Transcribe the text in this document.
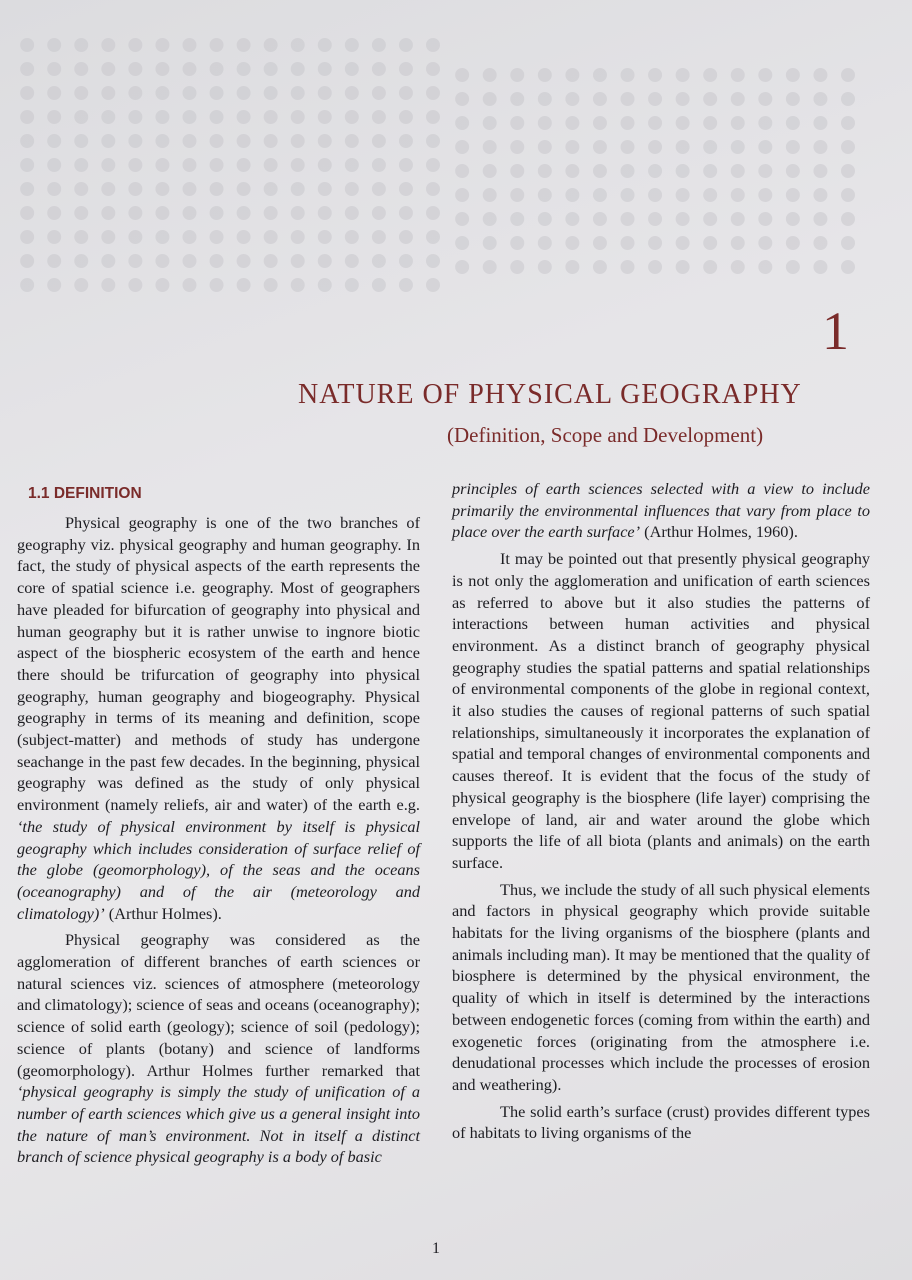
1
NATURE OF PHYSICAL GEOGRAPHY
(Definition, Scope and Development)
1.1 DEFINITION

Physical geography is one of the two branches of geography viz. physical geography and human geography. In fact, the study of physical aspects of the earth represents the core of spatial science i.e. geography. Most of geographers have pleaded for bifurcation of geography into physical and human geography but it is rather unwise to ingnore biotic aspect of the biospheric ecosystem of the earth and hence there should be trifurcation of geography into physical geography, human geography and biogeography. Physical geography in terms of its meaning and definition, scope (subject-matter) and methods of study has undergone seachange in the past few decades. In the beginning, physical geography was defined as the study of only physical environment (namely reliefs, air and water) of the earth e.g. ‘the study of physical environment by itself is physical geography which includes consideration of surface relief of the globe (geomorphology), of the seas and the oceans (oceanography) and of the air (meteorology and climatology)’ (Arthur Holmes).

Physical geography was considered as the agglomeration of different branches of earth sciences or natural sciences viz. sciences of atmosphere (meteorology and climatology); science of seas and oceans (oceanography); science of solid earth (geology); science of soil (pedology); science of plants (botany) and science of landforms (geomorphology). Arthur Holmes further remarked that ‘physical geography is simply the study of unification of a number of earth sciences which give us a general insight into the nature of man’s environment. Not in itself a distinct branch of science physical geography is a body of basic

principles of earth sciences selected with a view to include primarily the environmental influences that vary from place to place over the earth surface’ (Arthur Holmes, 1960).

It may be pointed out that presently physical geography is not only the agglomeration and unification of earth sciences as referred to above but it also studies the patterns of interactions between human activities and physical environment. As a distinct branch of geography physical geography studies the spatial patterns and spatial relationships of environmental components of the globe in regional context, it also studies the causes of regional patterns of such spatial relationships, simultaneously it incorporates the explanation of spatial and temporal changes of environmental components and causes thereof. It is evident that the focus of the study of physical geography is the biosphere (life layer) comprising the envelope of land, air and water around the globe which supports the life of all biota (plants and animals) on the earth surface.

Thus, we include the study of all such physical elements and factors in physical geography which provide suitable habitats for the living organisms of the biosphere (plants and animals including man). It may be mentioned that the quality of biosphere is determined by the physical environment, the quality of which in itself is determined by the interactions between endogenetic forces (coming from within the earth) and exogenetic forces (originating from the atmosphere i.e. denudational processes which include the processes of erosion and weathering).

The solid earth’s surface (crust) provides different types of habitats to living organisms of the

1
